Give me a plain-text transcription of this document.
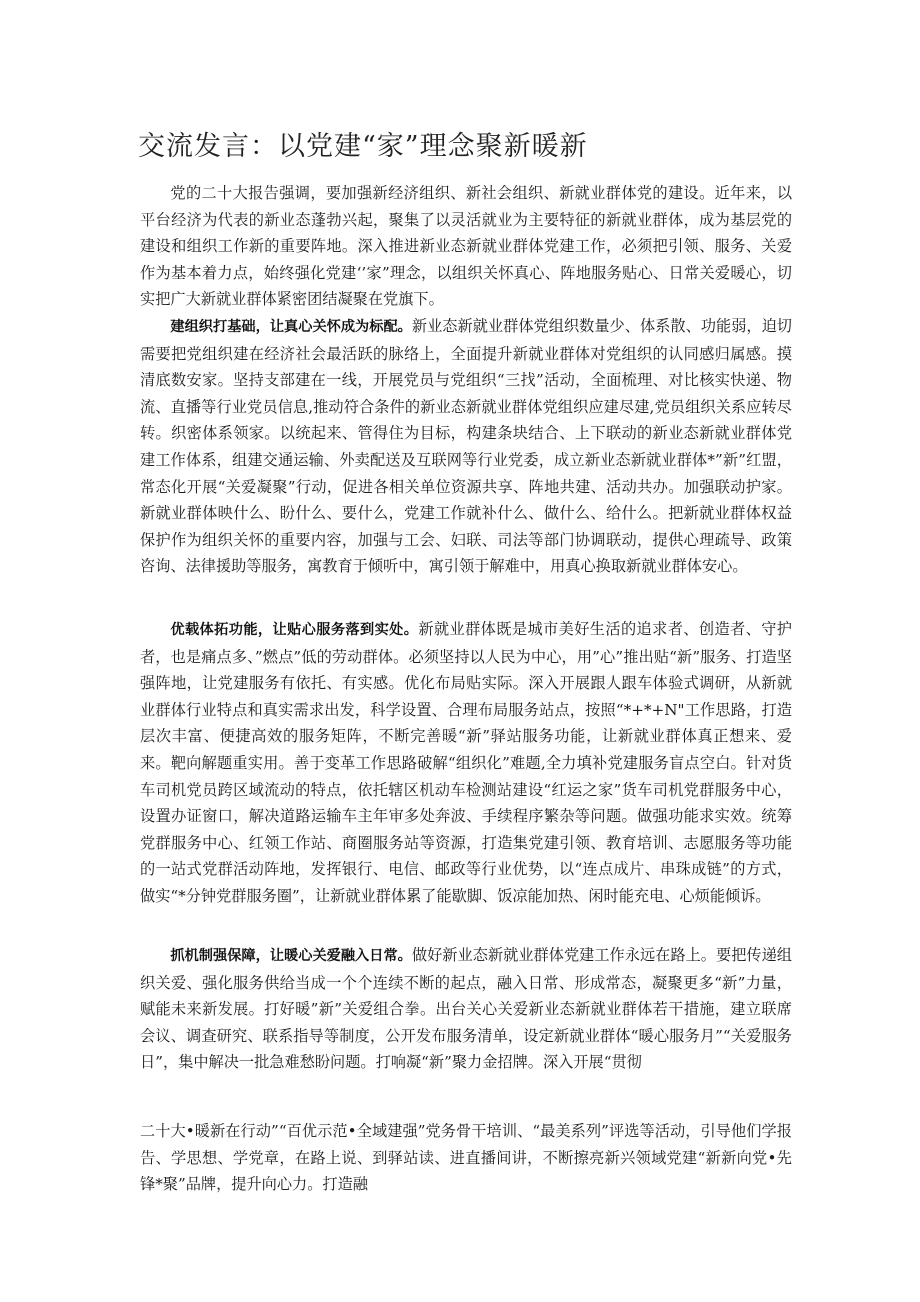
交流发言：以党建“家”理念聚新暖新

党的二十大报告强调，要加强新经济组织、新社会组织、新就业群体党的建设。近年来，以平台经济为代表的新业态蓬勃兴起，聚集了以灵活就业为主要特征的新就业群体，成为基层党的建设和组织工作新的重要阵地。深入推进新业态新就业群体党建工作，必须把引领、服务、关爱作为基本着力点，始终强化党建‘’家”理念，以组织关怀真心、阵地服务贴心、日常关爱暖心，切实把广大新就业群体紧密团结凝聚在党旗下。

建组织打基础，让真心关怀成为标配。新业态新就业群体党组织数量少、体系散、功能弱，迫切需要把党组织建在经济社会最活跃的脉络上，全面提升新就业群体对党组织的认同感归属感。摸清底数安家。坚持支部建在一线，开展党员与党组织“三找”活动，全面梳理、对比核实快递、物流、直播等行业党员信息,推动符合条件的新业态新就业群体党组织应建尽建,党员组织关系应转尽转。织密体系领家。以统起来、管得住为目标，构建条块结合、上下联动的新业态新就业群体党建工作体系，组建交通运输、外卖配送及互联网等行业党委，成立新业态新就业群体*”新”红盟，常态化开展“关爱凝聚”行动，促进各相关单位资源共享、阵地共建、活动共办。加强联动护家。新就业群体映什么、盼什么、要什么，党建工作就补什么、做什么、给什么。把新就业群体权益保护作为组织关怀的重要内容，加强与工会、妇联、司法等部门协调联动，提供心理疏导、政策咨询、法律援助等服务，寓教育于倾听中，寓引领于解难中，用真心换取新就业群体安心。

优载体拓功能，让贴心服务落到实处。新就业群体既是城市美好生活的追求者、创造者、守护者，也是痛点多、”燃点”低的劳动群体。必须坚持以人民为中心，用”心”推出贴“新”服务、打造坚强阵地，让党建服务有依托、有实感。优化布局贴实际。深入开展跟人跟车体验式调研，从新就业群体行业特点和真实需求出发，科学设置、合理布局服务站点，按照“*+*+N"工作思路，打造层次丰富、便捷高效的服务矩阵，不断完善暖“新”驿站服务功能，让新就业群体真正想来、爱来。靶向解题重实用。善于变革工作思路破解“组织化”难题,全力填补党建服务盲点空白。针对货车司机党员跨区域流动的特点，依托辖区机动车检测站建设“红运之家”货车司机党群服务中心，设置办证窗口，解决道路运输车主年审多处奔波、手续程序繁杂等问题。做强功能求实效。统筹党群服务中心、红领工作站、商圈服务站等资源，打造集党建引领、教育培训、志愿服务等功能的一站式党群活动阵地，发挥银行、电信、邮政等行业优势，以“连点成片、串珠成链”的方式，做实“*分钟党群服务圈”，让新就业群体累了能歇脚、饭凉能加热、闲时能充电、心烦能倾诉。

抓机制强保障，让暖心关爱融入日常。做好新业态新就业群体党建工作永远在路上。要把传递组织关爱、强化服务供给当成一个个连续不断的起点，融入日常、形成常态，凝聚更多“新”力量，赋能未来新发展。打好暖”新”关爱组合拳。出台关心关爱新业态新就业群体若干措施，建立联席会议、调查研究、联系指导等制度，公开发布服务清单，设定新就业群体“暖心服务月”“关爱服务日”，集中解决一批急难愁盼问题。打响凝“新”聚力金招牌。深入开展“贯彻

二十大•暖新在行动”“百优示范•全域建强”党务骨干培训、“最美系列”评选等活动，引导他们学报告、学思想、学党章，在路上说、到驿站读、进直播间讲，不断擦亮新兴领域党建“新新向党•先锋*聚”品牌，提升向心力。打造融
